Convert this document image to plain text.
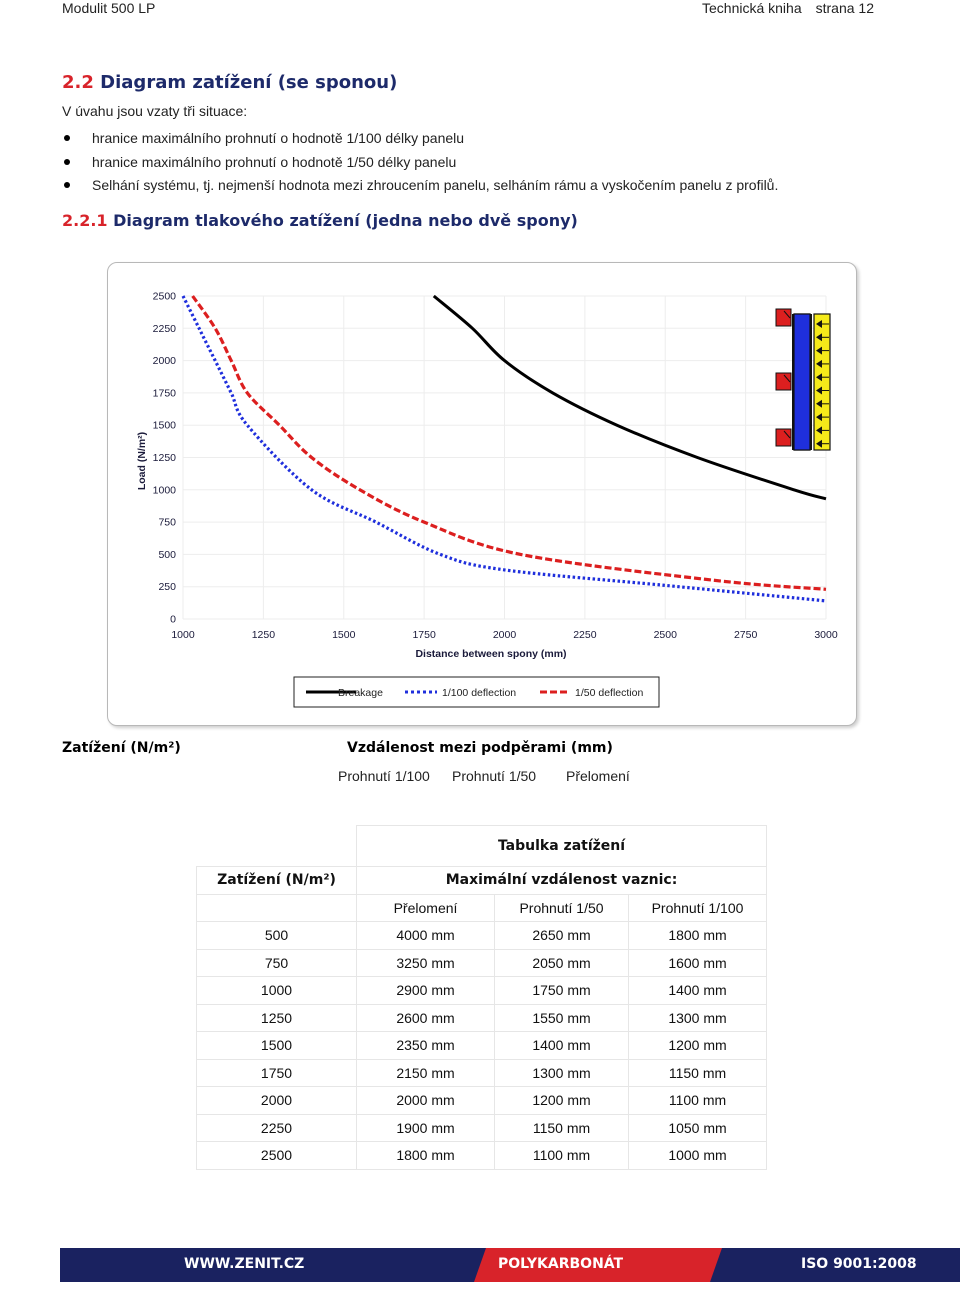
Modulit 500 LP	Technická kniha strana 12
2.2 Diagram zatížení (se sponou)
V úvahu jsou vzaty tři situace:
hranice maximálního prohnutí o hodnotě 1/100 délky panelu
hranice maximálního prohnutí o hodnotě 1/50 délky panelu
Selhání systému, tj. nejmenší hodnota mezi zhroucením panelu, selháním rámu a vyskočením panelu z profilů.
2.2.1 Diagram tlakového zatížení (jedna nebo dvě spony)
0
250
500
750
1000
1250
1500
1750
2000
2250
2500
1000	1250	1500	1750	2000	2250	2500	2750	3000
Distance between spony (mm)
Load (N/m²)
Breakage	1/100 deflection	1/50 deflection
Zatížení (N/m²)	Vzdálenost mezi podpěrami (mm)
Prohnutí 1/100 Prohnutí 1/50 Přelomení
	Tabulka zatížení		
Zatížení (N/m²)	Maximální vzdálenost vaznic:		
	Přelomení	Prohnutí 1/50	Prohnutí 1/100
500	4000 mm	2650 mm	1800 mm
750	3250 mm	2050 mm	1600 mm
1000	2900 mm	1750 mm	1400 mm
1250	2600 mm	1550 mm	1300 mm
1500	2350 mm	1400 mm	1200 mm
1750	2150 mm	1300 mm	1150 mm
2000	2000 mm	1200 mm	1100 mm
2250	1900 mm	1150 mm	1050 mm
2500	1800 mm	1100 mm	1000 mm
WWW.ZENIT.CZ	POLYKARBONÁT	ISO 9001:2008
